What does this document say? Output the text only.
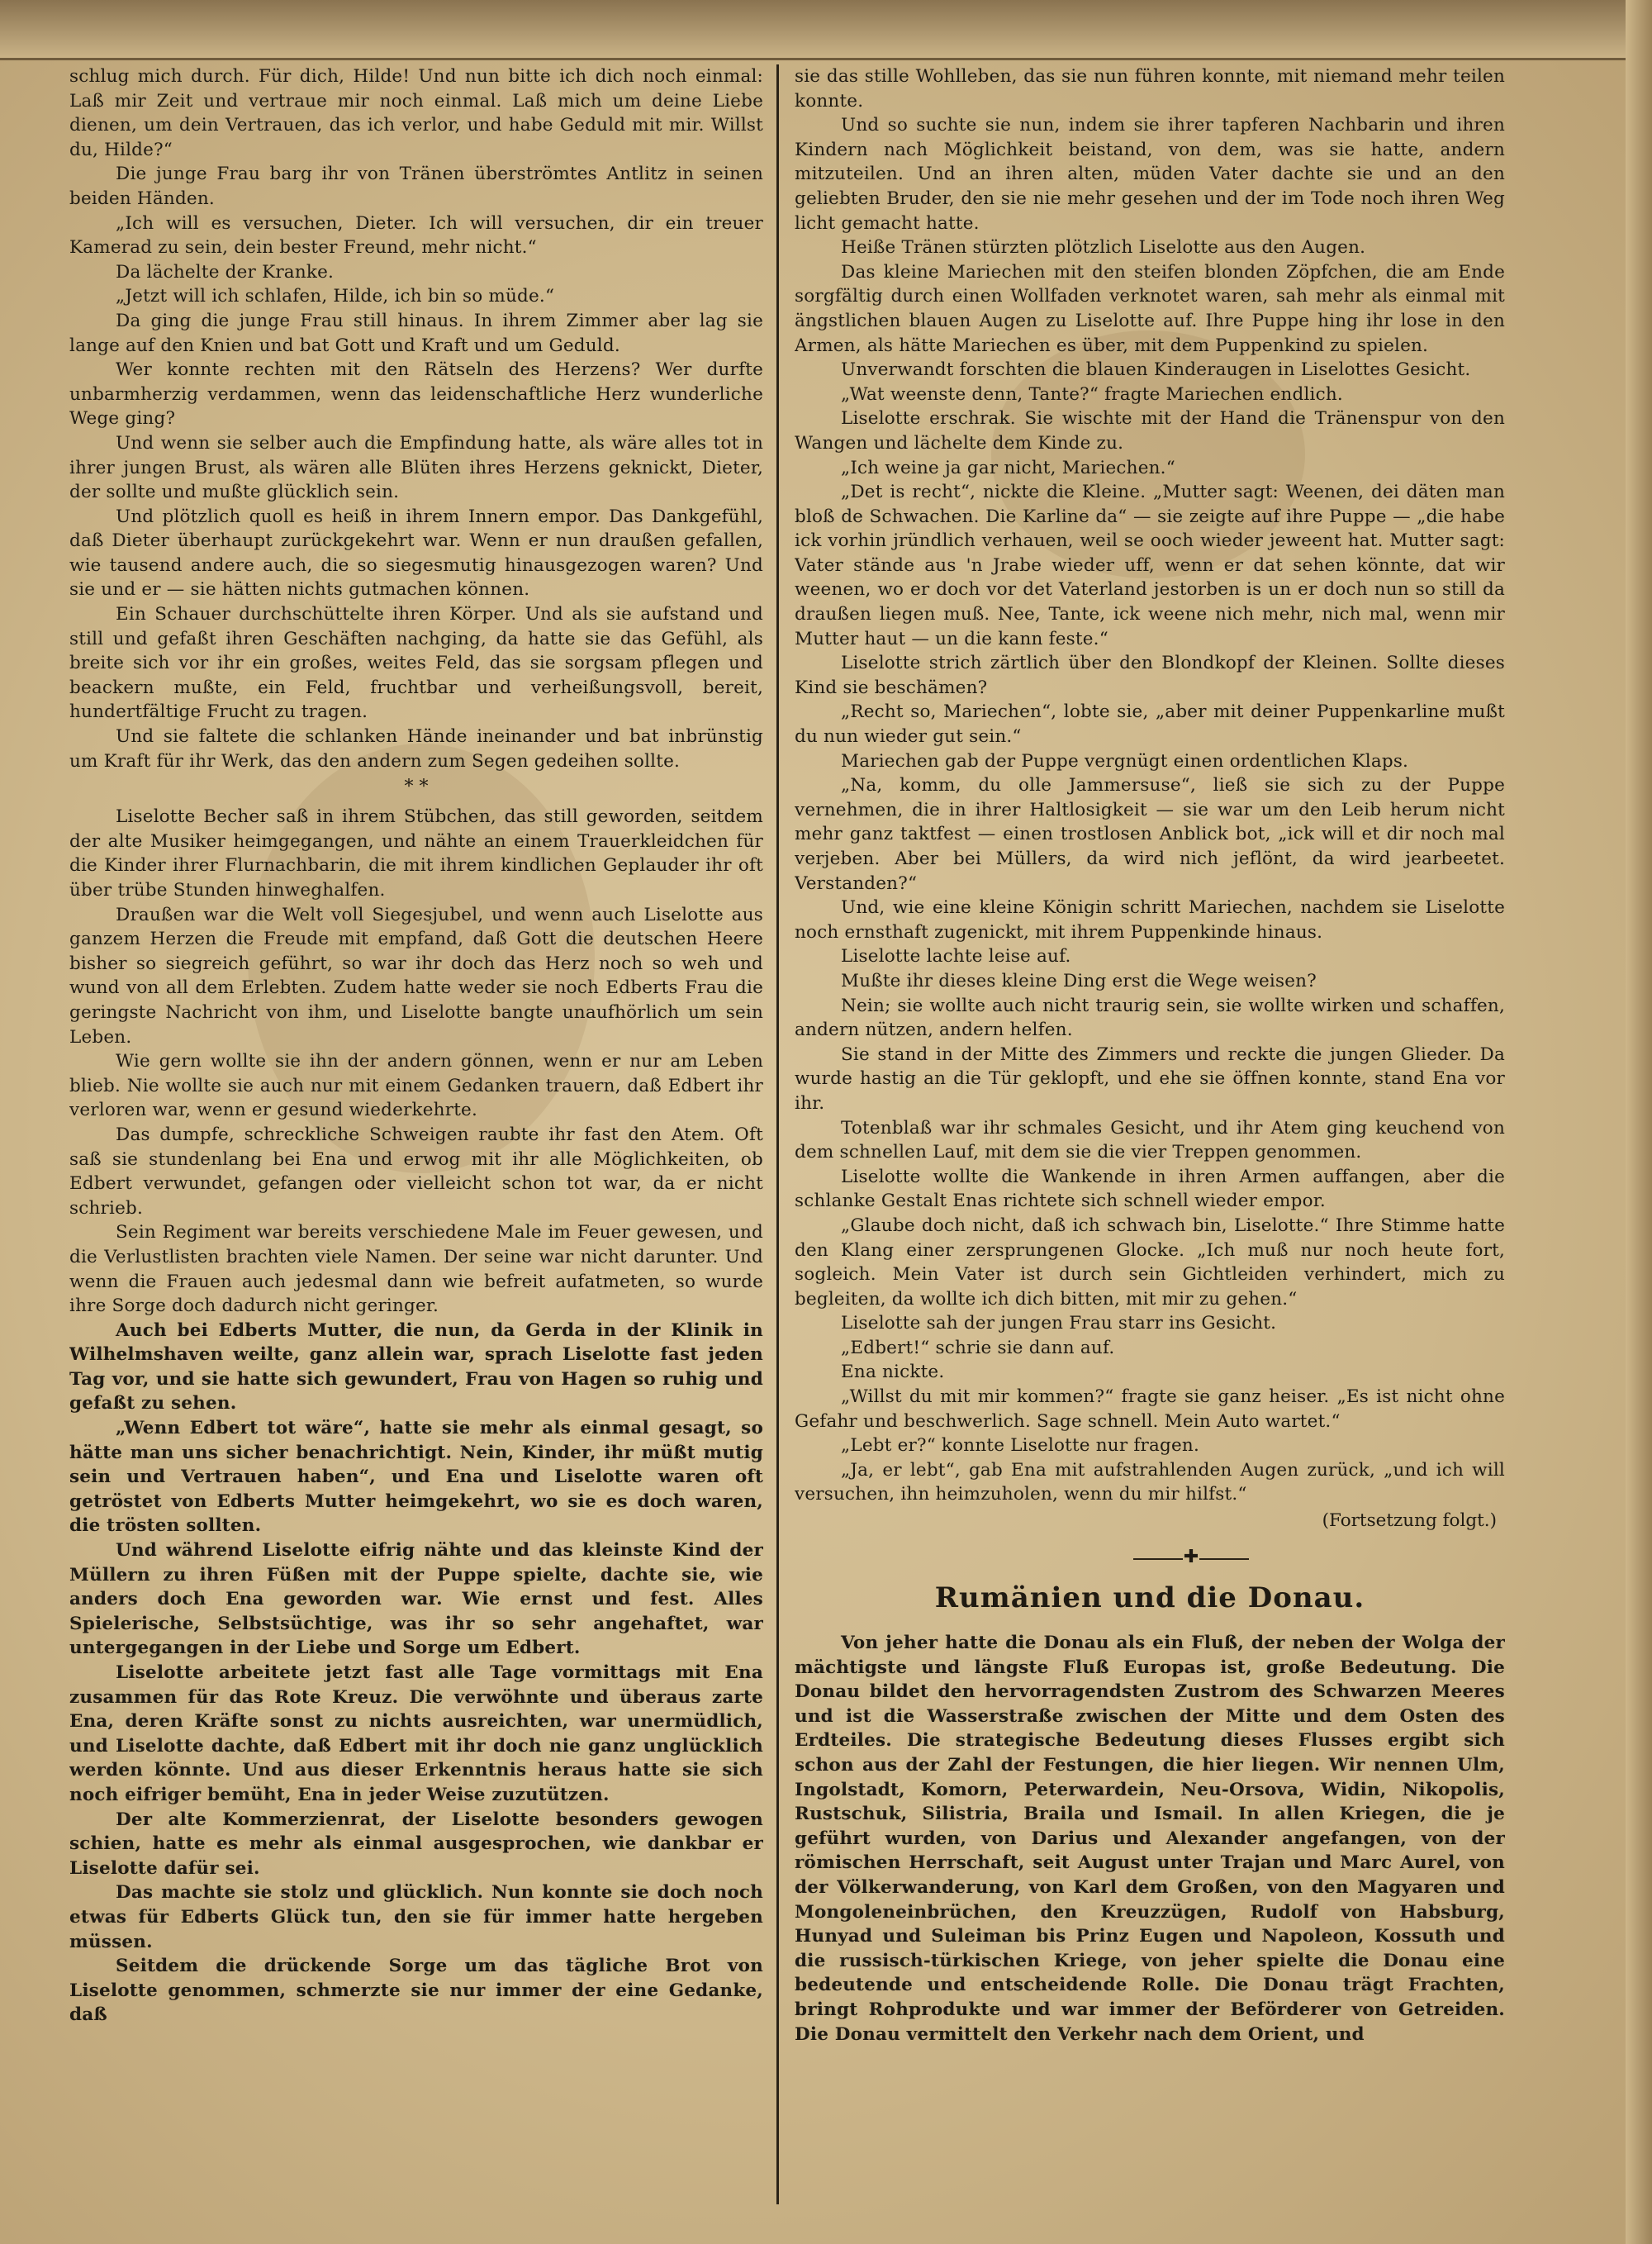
schlug mich durch. Für dich, Hilde! Und nun bitte ich dich noch einmal: Laß mir Zeit und vertraue mir noch einmal. Laß mich um deine Liebe dienen, um dein Vertrauen, das ich verlor, und habe Geduld mit mir. Willst du, Hilde?“

Die junge Frau barg ihr von Tränen überströmtes Antlitz in seinen beiden Händen.

„Ich will es versuchen, Dieter. Ich will versuchen, dir ein treuer Kamerad zu sein, dein bester Freund, mehr nicht.“

Da lächelte der Kranke.

„Jetzt will ich schlafen, Hilde, ich bin so müde.“

Da ging die junge Frau still hinaus. In ihrem Zimmer aber lag sie lange auf den Knien und bat Gott und Kraft und um Geduld.

Wer konnte rechten mit den Rätseln des Herzens? Wer durfte unbarmherzig verdammen, wenn das leidenschaftliche Herz wunderliche Wege ging?

Und wenn sie selber auch die Empfindung hatte, als wäre alles tot in ihrer jungen Brust, als wären alle Blüten ihres Herzens geknickt, Dieter, der sollte und mußte glücklich sein.

Und plötzlich quoll es heiß in ihrem Innern empor. Das Dankgefühl, daß Dieter überhaupt zurückgekehrt war. Wenn er nun draußen gefallen, wie tausend andere auch, die so siegesmutig hinausgezogen waren? Und sie und er — sie hätten nichts gutmachen können.

Ein Schauer durchschüttelte ihren Körper. Und als sie aufstand und still und gefaßt ihren Geschäften nachging, da hatte sie das Gefühl, als breite sich vor ihr ein großes, weites Feld, das sie sorgsam pflegen und beackern mußte, ein Feld, fruchtbar und verheißungsvoll, bereit, hundertfältige Frucht zu tragen.

Und sie faltete die schlanken Hände ineinander und bat inbrünstig um Kraft für ihr Werk, das den andern zum Segen gedeihen sollte.

* *

Liselotte Becher saß in ihrem Stübchen, das still geworden, seitdem der alte Musiker heimgegangen, und nähte an einem Trauerkleidchen für die Kinder ihrer Flurnachbarin, die mit ihrem kindlichen Geplauder ihr oft über trübe Stunden hinweghalfen.

Draußen war die Welt voll Siegesjubel, und wenn auch Liselotte aus ganzem Herzen die Freude mit empfand, daß Gott die deutschen Heere bisher so siegreich geführt, so war ihr doch das Herz noch so weh und wund von all dem Erlebten. Zudem hatte weder sie noch Edberts Frau die geringste Nachricht von ihm, und Liselotte bangte unaufhörlich um sein Leben.

Wie gern wollte sie ihn der andern gönnen, wenn er nur am Leben blieb. Nie wollte sie auch nur mit einem Gedanken trauern, daß Edbert ihr verloren war, wenn er gesund wiederkehrte.

Das dumpfe, schreckliche Schweigen raubte ihr fast den Atem. Oft saß sie stundenlang bei Ena und erwog mit ihr alle Möglichkeiten, ob Edbert verwundet, gefangen oder vielleicht schon tot war, da er nicht schrieb.

Sein Regiment war bereits verschiedene Male im Feuer gewesen, und die Verlustlisten brachten viele Namen. Der seine war nicht darunter. Und wenn die Frauen auch jedesmal dann wie befreit aufatmeten, so wurde ihre Sorge doch dadurch nicht geringer.

Auch bei Edberts Mutter, die nun, da Gerda in der Klinik in Wilhelmshaven weilte, ganz allein war, sprach Liselotte fast jeden Tag vor, und sie hatte sich gewundert, Frau von Hagen so ruhig und gefaßt zu sehen.

„Wenn Edbert tot wäre“, hatte sie mehr als einmal gesagt, so hätte man uns sicher benachrichtigt. Nein, Kinder, ihr müßt mutig sein und Vertrauen haben“, und Ena und Liselotte waren oft getröstet von Edberts Mutter heimgekehrt, wo sie es doch waren, die trösten sollten.

Und während Liselotte eifrig nähte und das kleinste Kind der Müllern zu ihren Füßen mit der Puppe spielte, dachte sie, wie anders doch Ena geworden war. Wie ernst und fest. Alles Spielerische, Selbstsüchtige, was ihr so sehr angehaftet, war untergegangen in der Liebe und Sorge um Edbert.

Liselotte arbeitete jetzt fast alle Tage vormittags mit Ena zusammen für das Rote Kreuz. Die verwöhnte und überaus zarte Ena, deren Kräfte sonst zu nichts ausreichten, war unermüdlich, und Liselotte dachte, daß Edbert mit ihr doch nie ganz unglücklich werden könnte. Und aus dieser Erkenntnis heraus hatte sie sich noch eifriger bemüht, Ena in jeder Weise zuzutützen.

Der alte Kommerzienrat, der Liselotte besonders gewogen schien, hatte es mehr als einmal ausgesprochen, wie dankbar er Liselotte dafür sei.

Das machte sie stolz und glücklich. Nun konnte sie doch noch etwas für Edberts Glück tun, den sie für immer hatte hergeben müssen.

Seitdem die drückende Sorge um das tägliche Brot von Liselotte genommen, schmerzte sie nur immer der eine Gedanke, daß

sie das stille Wohlleben, das sie nun führen konnte, mit niemand mehr teilen konnte.

Und so suchte sie nun, indem sie ihrer tapferen Nachbarin und ihren Kindern nach Möglichkeit beistand, von dem, was sie hatte, andern mitzuteilen. Und an ihren alten, müden Vater dachte sie und an den geliebten Bruder, den sie nie mehr gesehen und der im Tode noch ihren Weg licht gemacht hatte.

Heiße Tränen stürzten plötzlich Liselotte aus den Augen.

Das kleine Mariechen mit den steifen blonden Zöpfchen, die am Ende sorgfältig durch einen Wollfaden verknotet waren, sah mehr als einmal mit ängstlichen blauen Augen zu Liselotte auf. Ihre Puppe hing ihr lose in den Armen, als hätte Mariechen es über, mit dem Puppenkind zu spielen.

Unverwandt forschten die blauen Kinderaugen in Liselottes Gesicht.

„Wat weenste denn, Tante?“ fragte Mariechen endlich.

Liselotte erschrak. Sie wischte mit der Hand die Tränenspur von den Wangen und lächelte dem Kinde zu.

„Ich weine ja gar nicht, Mariechen.“

„Det is recht“, nickte die Kleine. „Mutter sagt: Weenen, dei däten man bloß de Schwachen. Die Karline da“ — sie zeigte auf ihre Puppe — „die habe ick vorhin jründlich verhauen, weil se ooch wieder jeweent hat. Mutter sagt: Vater stände aus 'n Jrabe wieder uff, wenn er dat sehen könnte, dat wir weenen, wo er doch vor det Vaterland jestorben is un er doch nun so still da draußen liegen muß. Nee, Tante, ick weene nich mehr, nich mal, wenn mir Mutter haut — un die kann feste.“

Liselotte strich zärtlich über den Blondkopf der Kleinen. Sollte dieses Kind sie beschämen?

„Recht so, Mariechen“, lobte sie, „aber mit deiner Puppenkarline mußt du nun wieder gut sein.“

Mariechen gab der Puppe vergnügt einen ordentlichen Klaps.

„Na, komm, du olle Jammersuse“, ließ sie sich zu der Puppe vernehmen, die in ihrer Haltlosigkeit — sie war um den Leib herum nicht mehr ganz taktfest — einen trostlosen Anblick bot, „ick will et dir noch mal verjeben. Aber bei Müllers, da wird nich jeflönt, da wird jearbeetet. Verstanden?“

Und, wie eine kleine Königin schritt Mariechen, nachdem sie Liselotte noch ernsthaft zugenickt, mit ihrem Puppenkinde hinaus.

Liselotte lachte leise auf.

Mußte ihr dieses kleine Ding erst die Wege weisen?

Nein; sie wollte auch nicht traurig sein, sie wollte wirken und schaffen, andern nützen, andern helfen.

Sie stand in der Mitte des Zimmers und reckte die jungen Glieder. Da wurde hastig an die Tür geklopft, und ehe sie öffnen konnte, stand Ena vor ihr.

Totenblaß war ihr schmales Gesicht, und ihr Atem ging keuchend von dem schnellen Lauf, mit dem sie die vier Treppen genommen.

Liselotte wollte die Wankende in ihren Armen auffangen, aber die schlanke Gestalt Enas richtete sich schnell wieder empor.

„Glaube doch nicht, daß ich schwach bin, Liselotte.“ Ihre Stimme hatte den Klang einer zersprungenen Glocke. „Ich muß nur noch heute fort, sogleich. Mein Vater ist durch sein Gichtleiden verhindert, mich zu begleiten, da wollte ich dich bitten, mit mir zu gehen.“

Liselotte sah der jungen Frau starr ins Gesicht.

„Edbert!“ schrie sie dann auf.

Ena nickte.

„Willst du mit mir kommen?“ fragte sie ganz heiser. „Es ist nicht ohne Gefahr und beschwerlich. Sage schnell. Mein Auto wartet.“

„Lebt er?“ konnte Liselotte nur fragen.

„Ja, er lebt“, gab Ena mit aufstrahlenden Augen zurück, „und ich will versuchen, ihn heimzuholen, wenn du mir hilfst.“

(Fortsetzung folgt.)
✚
Rumänien und die Donau.

Von jeher hatte die Donau als ein Fluß, der neben der Wolga der mächtigste und längste Fluß Europas ist, große Bedeutung. Die Donau bildet den hervorragendsten Zustrom des Schwarzen Meeres und ist die Wasserstraße zwischen der Mitte und dem Osten des Erdteiles. Die strategische Bedeutung dieses Flusses ergibt sich schon aus der Zahl der Festungen, die hier liegen. Wir nennen Ulm, Ingolstadt, Komorn, Peterwardein, Neu-Orsova, Widin, Nikopolis, Rustschuk, Silistria, Braila und Ismail. In allen Kriegen, die je geführt wurden, von Darius und Alexander angefangen, von der römischen Herrschaft, seit August unter Trajan und Marc Aurel, von der Völkerwanderung, von Karl dem Großen, von den Magyaren und Mongoleneinbrüchen, den Kreuzzügen, Rudolf von Habsburg, Hunyad und Suleiman bis Prinz Eugen und Napoleon, Kossuth und die russisch-türkischen Kriege, von jeher spielte die Donau eine bedeutende und entscheidende Rolle. Die Donau trägt Frachten, bringt Rohprodukte und war immer der Beförderer von Getreiden. Die Donau vermittelt den Verkehr nach dem Orient, und
